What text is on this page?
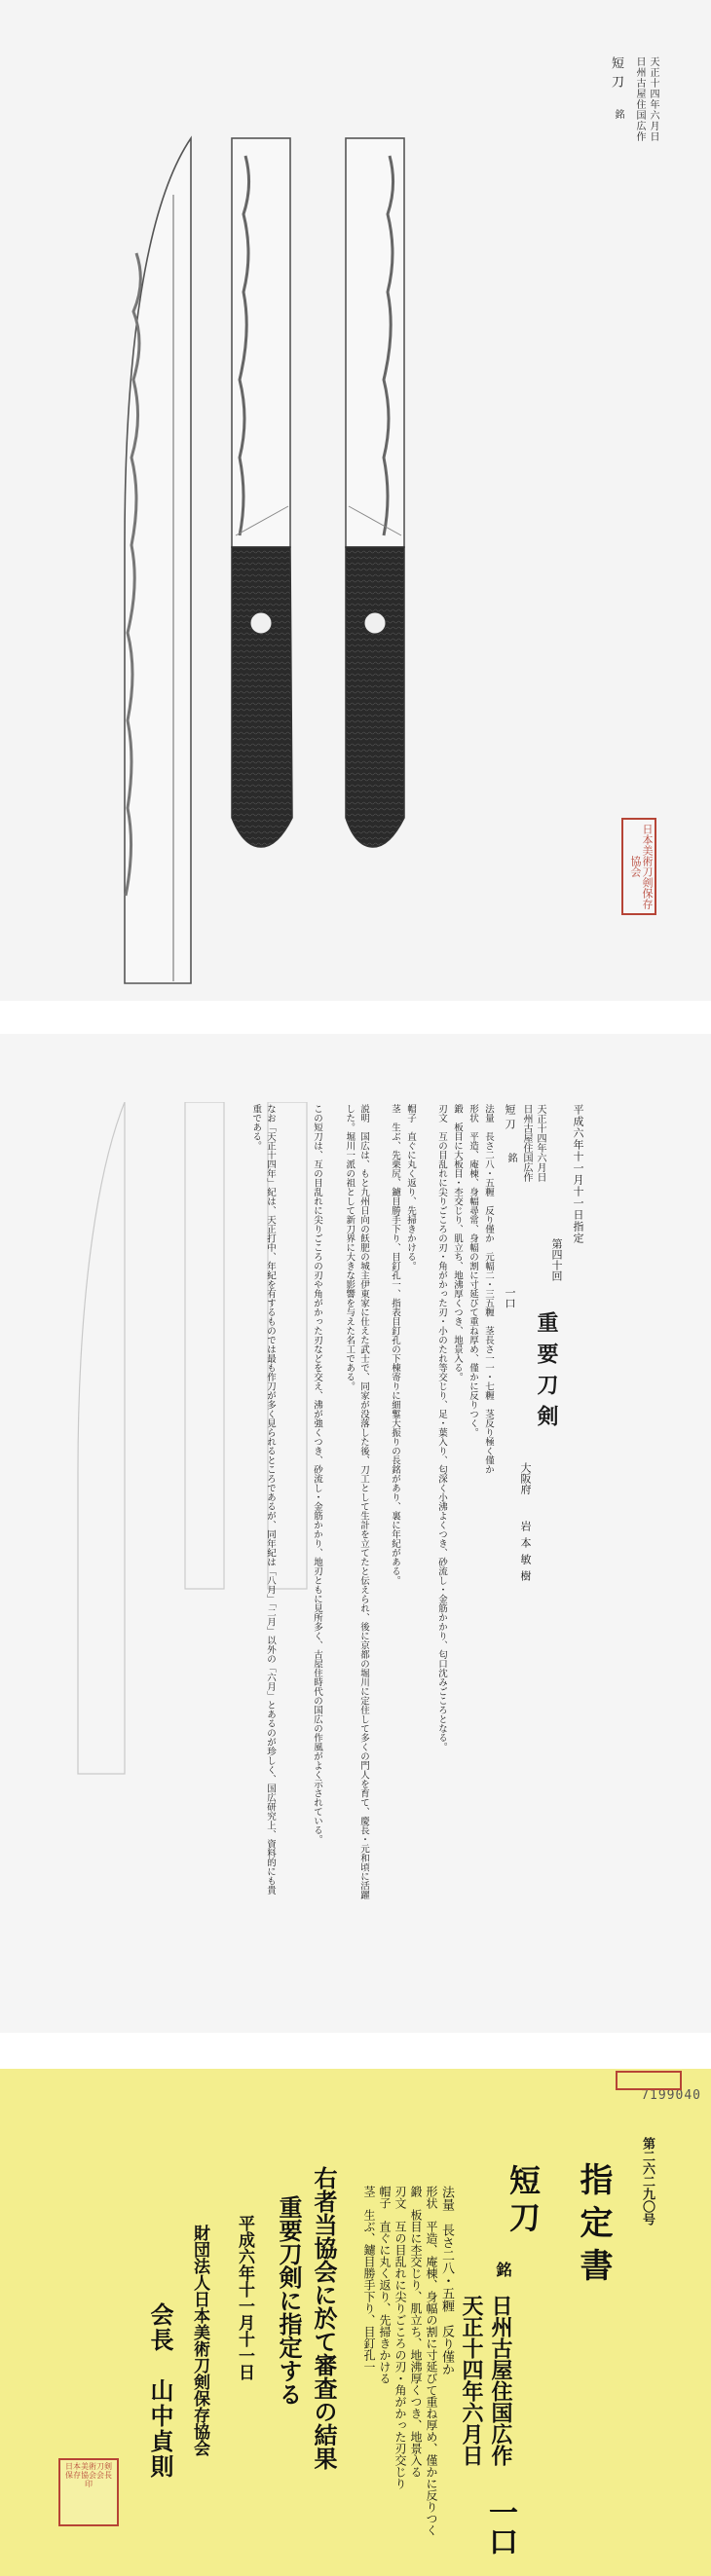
短刀
銘 日州古屋住国広作 天正十四年六月日
日本美術刀剣保存協会
平成六年十一月十一日指定
第四十回
重要刀剣
大阪府
岩本敏樹
短刀
銘 日州古屋住国広作 天正十四年六月日
一口
法量　長さ二八・五糎　反り僅か　元幅二・三五糎　茎長さ一一・七糎　茎反り極く僅か
形状　平造、庵棟、身幅尋常、身幅の割に寸延びて重ね厚め、僅かに反りつく。
鍛　板目に大板目・杢交じり、肌立ち、地沸厚くつき、地景入る。
刃文　互の目乱れに尖りごころの刃・角がかった刃・小のたれ等交じり、足・葉入り、匂深く小沸よくつき、砂流し・金筋かかり、匂口沈みごころとなる。
帽子　直ぐに丸く返り、先掃きかける。
茎　生ぶ、先栗尻、鑢目勝手下り、目釘孔一、指表目釘孔の下棟寄りに細鏨大振りの長銘があり、裏に年紀がある。
説明　国広は、もと九州日向の飫肥の城主伊東家に仕えた武士で、同家が没落した後、刀工として生計を立てたと伝えられ、後に京都の堀川に定住して多くの門人を育て、慶長・元和頃に活躍した。堀川一派の祖として新刀界に大きな影響を与えた名工である。
この短刀は、互の目乱れに尖りごころの刃や角がかった刃などを交え、沸が強くつき、砂流し・金筋かかり、地刃ともに見所多く、古屋住時代の国広の作風がよく示されている。
なお「天正十四年」紀は、天正打中、年紀を有するものでは最も作刀が多く見られるところであるが、同年紀は「八月」「二月」以外の「六月」とあるのが珍しく、国広研究上、資料的にも貴重である。
第二六二九〇号
7199040
指定書
短刀
銘
日州古屋住国広作
天正十四年六月日
一口
法量　長さ二八・五糎　反り僅か
形状　平造、庵棟、身幅の割に寸延びて重ね厚め、僅かに反りつく
鍛　板目に杢交じり、肌立ち、地沸厚くつき、地景入る
刃文　互の目乱れに尖りごころの刃・角がかった刃交じり
帽子　直ぐに丸く返り、先掃きかける
茎　生ぶ、鑢目勝手下り、目釘孔一
右者当協会に於て審査の結果
重要刀剣に指定する
平成六年十一月十一日
財団法人日本美術刀剣保存協会
会長　山中貞則
日本美術刀剣保存協会会長印
